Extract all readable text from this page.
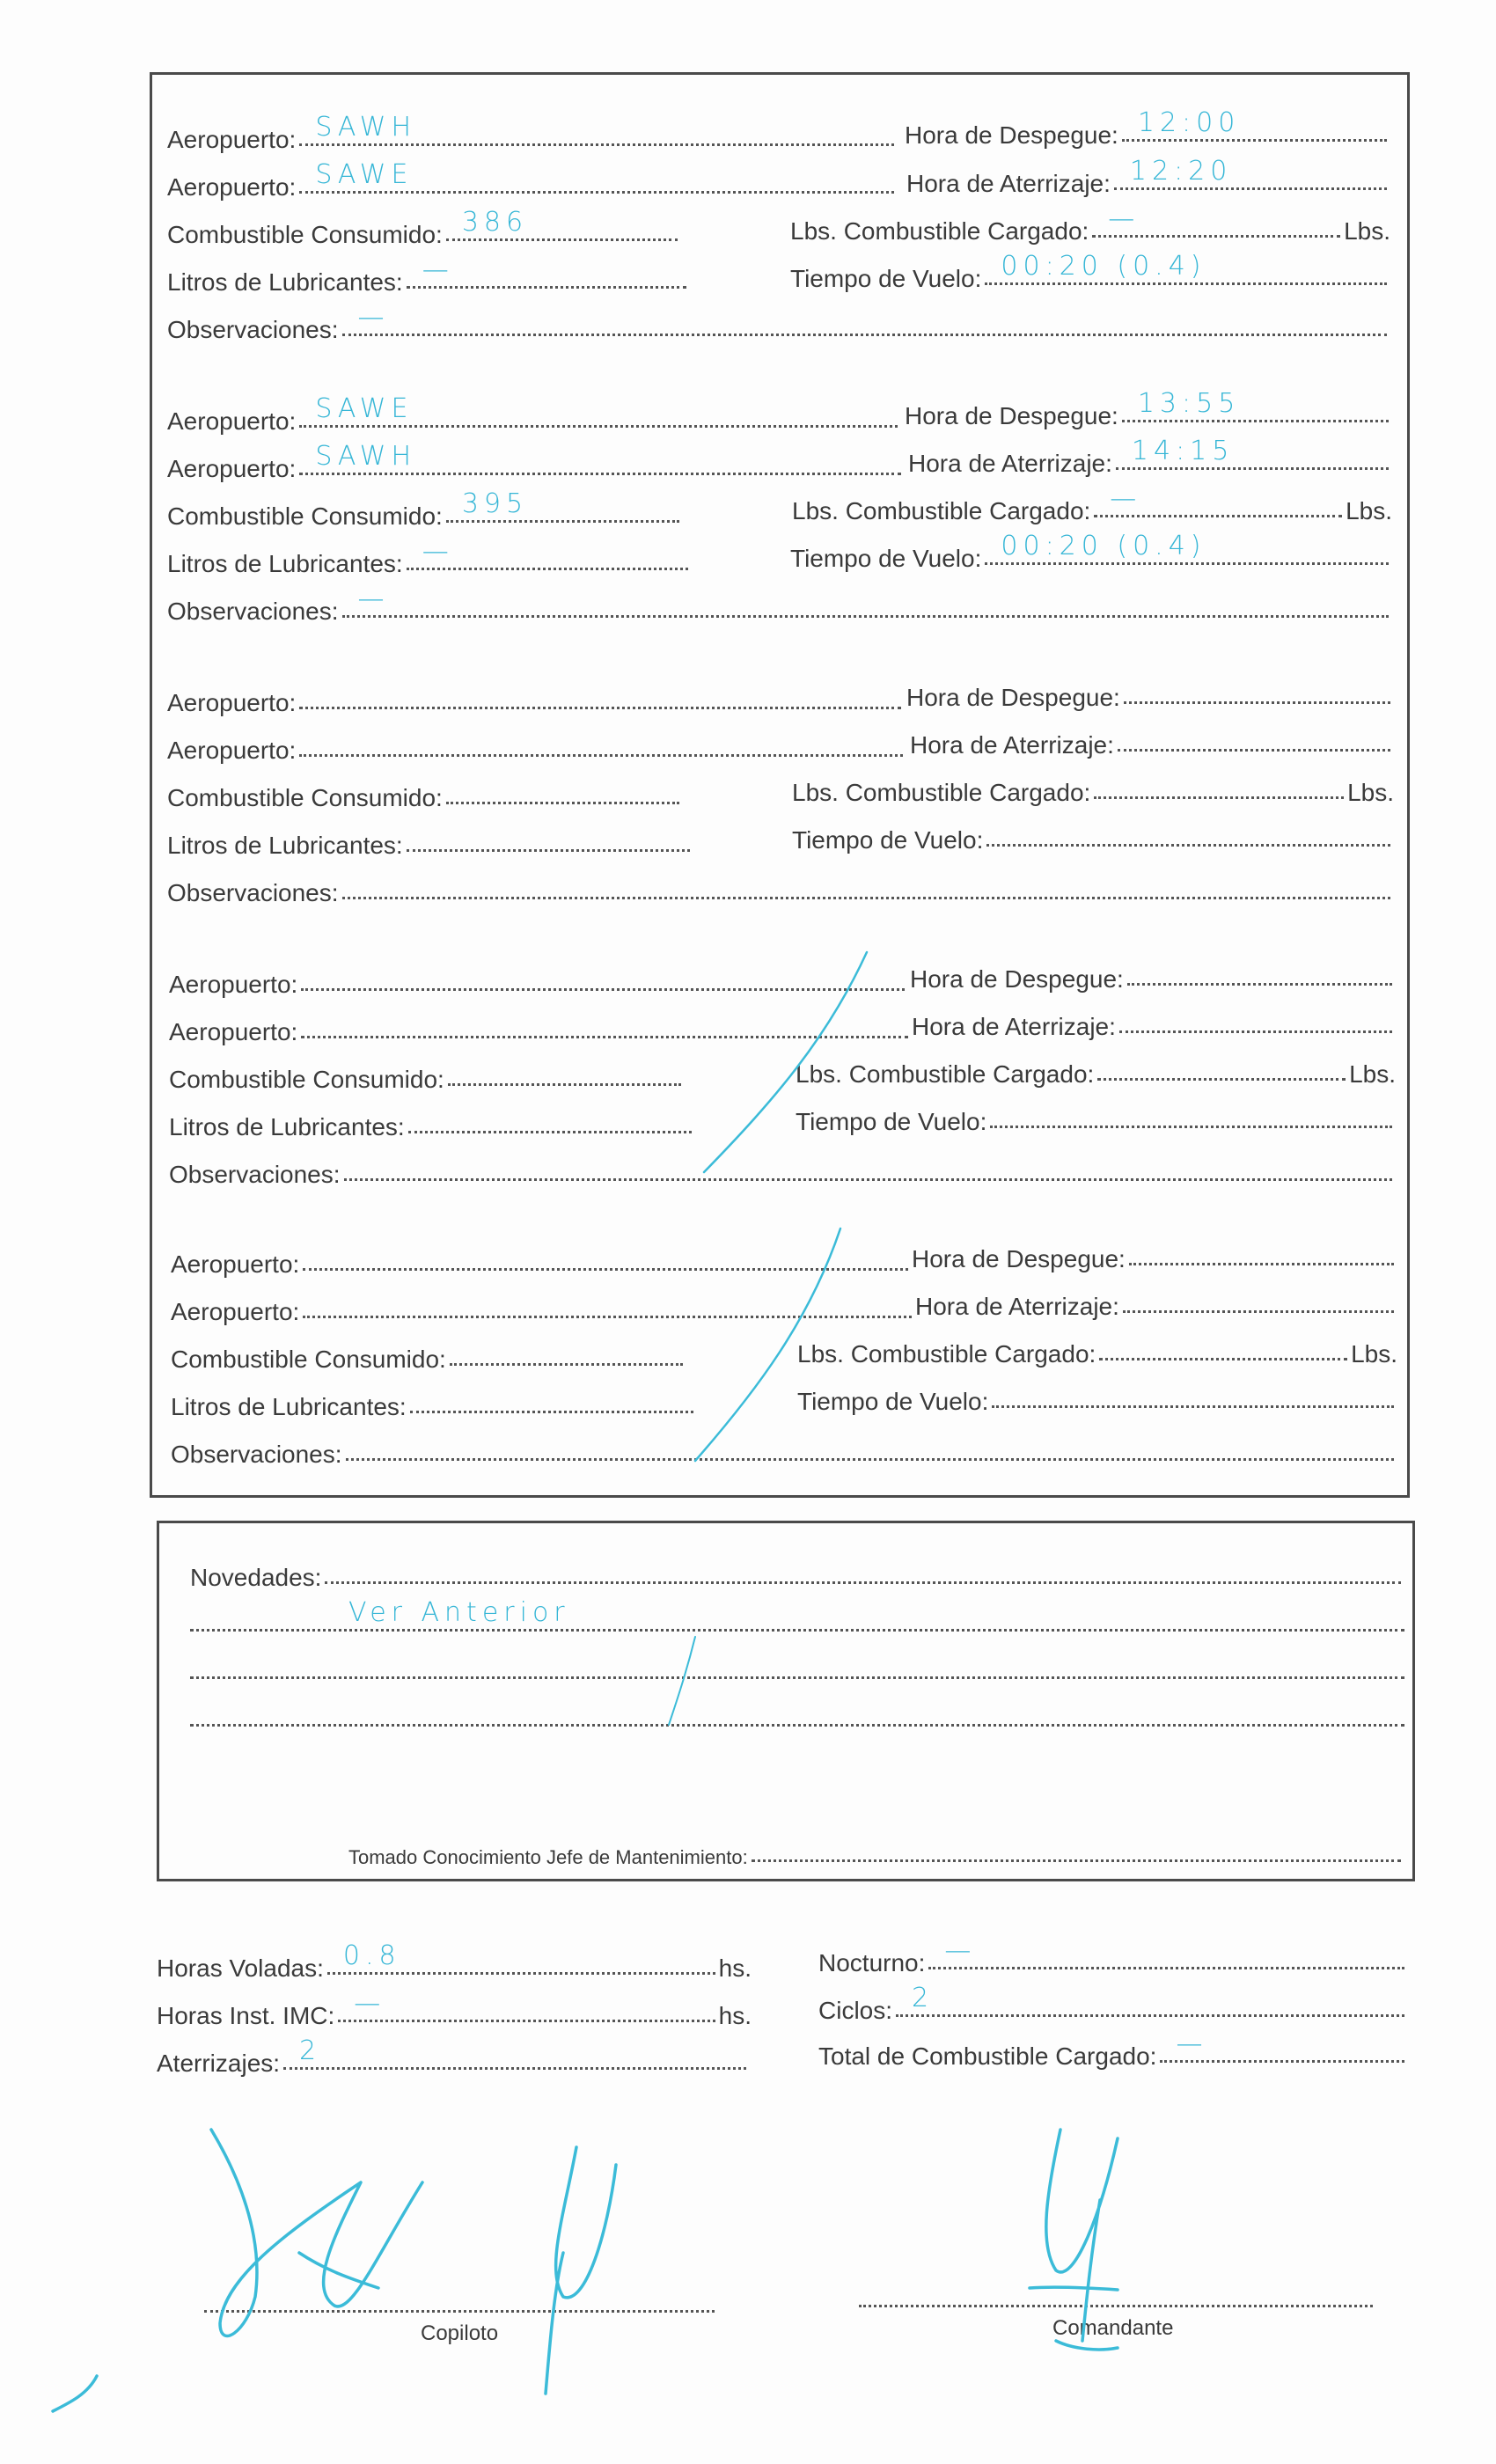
Aeropuerto: SAWH	Hora de Despegue: 12:00
Aeropuerto: SAWE	Hora de Aterrizaje: 12:20
Combustible Consumido: 386	Lbs. Combustible Cargado: —	Lbs.
Litros de Lubricantes: —	Tiempo de Vuelo: 00:20 (0.4)
Observaciones: —
Aeropuerto: SAWE	Hora de Despegue: 13:55
Aeropuerto: SAWH	Hora de Aterrizaje: 14:15
Combustible Consumido: 395	Lbs. Combustible Cargado: —	Lbs.
Litros de Lubricantes: —	Tiempo de Vuelo: 00:20 (0.4)
Observaciones: —
Aeropuerto:	Hora de Despegue:
Aeropuerto:	Hora de Aterrizaje:
Combustible Consumido:	Lbs. Combustible Cargado:	Lbs.
Litros de Lubricantes:	Tiempo de Vuelo:
Observaciones:
Aeropuerto:	Hora de Despegue:
Aeropuerto:	Hora de Aterrizaje:
Combustible Consumido:	Lbs. Combustible Cargado:	Lbs.
Litros de Lubricantes:	Tiempo de Vuelo:
Observaciones:
Aeropuerto:	Hora de Despegue:
Aeropuerto:	Hora de Aterrizaje:
Combustible Consumido:	Lbs. Combustible Cargado:	Lbs.
Litros de Lubricantes:	Tiempo de Vuelo:
Observaciones:
Novedades:
Ver Anterior
Tomado Conocimiento Jefe de Mantenimiento:
Horas Voladas: 0.8	hs.
Horas Inst. IMC: —	hs.
Aterrizajes: 2
Nocturno: —
Ciclos: 2
Total de Combustible Cargado: —
Copiloto	Comandante
